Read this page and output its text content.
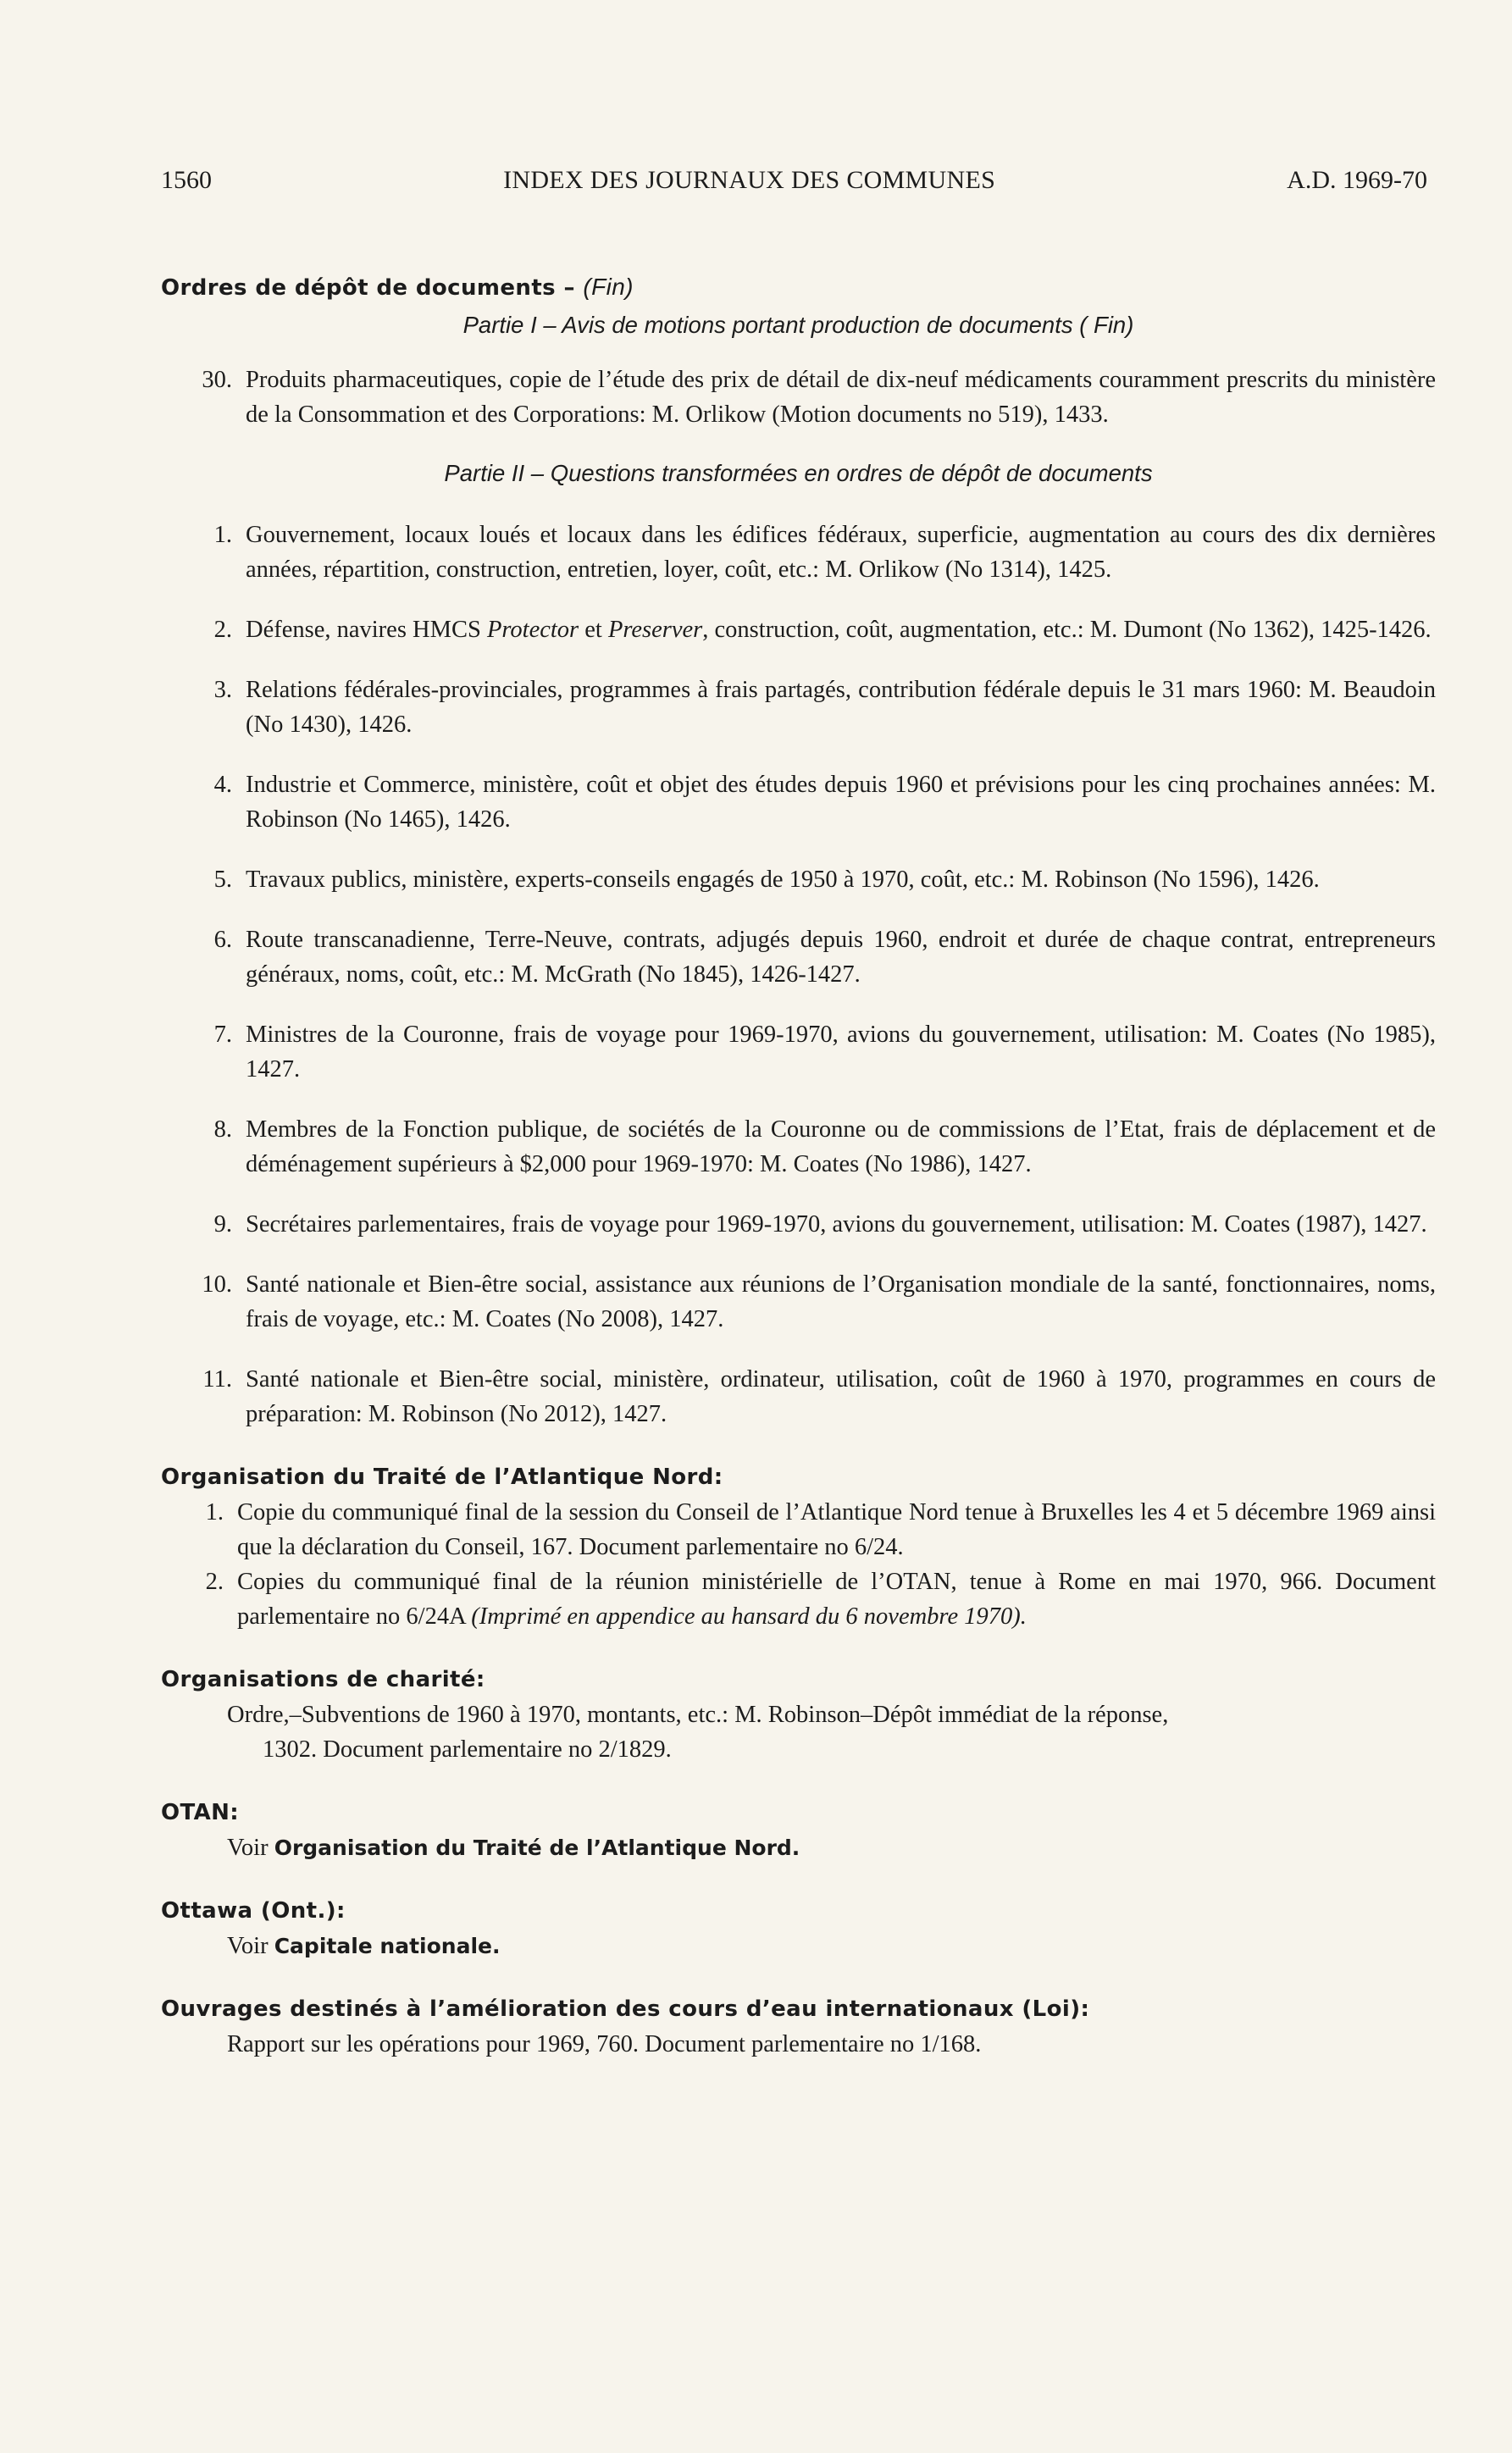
1560	INDEX DES JOURNAUX DES COMMUNES	A.D. 1969-70

Ordres de dépôt de documents – (Fin)

Partie I – Avis de motions portant production de documents ( Fin)

30. Produits pharmaceutiques, copie de l’étude des prix de détail de dix-neuf médicaments couramment prescrits du ministère de la Consommation et des Corporations: M. Orlikow (Motion documents no 519), 1433.

Partie II – Questions transformées en ordres de dépôt de documents

1. Gouvernement, locaux loués et locaux dans les édifices fédéraux, superficie, augmentation au cours des dix dernières années, répartition, construction, entretien, loyer, coût, etc.: M. Orlikow (No 1314), 1425.
2. Défense, navires HMCS Protector et Preserver, construction, coût, augmentation, etc.: M. Dumont (No 1362), 1425-1426.
3. Relations fédérales-provinciales, programmes à frais partagés, contribution fédérale depuis le 31 mars 1960: M. Beaudoin (No 1430), 1426.
4. Industrie et Commerce, ministère, coût et objet des études depuis 1960 et prévisions pour les cinq prochaines années: M. Robinson (No 1465), 1426.
5. Travaux publics, ministère, experts-conseils engagés de 1950 à 1970, coût, etc.: M. Robinson (No 1596), 1426.
6. Route transcanadienne, Terre-Neuve, contrats, adjugés depuis 1960, endroit et durée de chaque contrat, entrepreneurs généraux, noms, coût, etc.: M. McGrath (No 1845), 1426-1427.
7. Ministres de la Couronne, frais de voyage pour 1969-1970, avions du gouvernement, utilisation: M. Coates (No 1985), 1427.
8. Membres de la Fonction publique, de sociétés de la Couronne ou de commissions de l’Etat, frais de déplacement et de déménagement supérieurs à $2,000 pour 1969-1970: M. Coates (No 1986), 1427.
9. Secrétaires parlementaires, frais de voyage pour 1969-1970, avions du gouvernement, utilisation: M. Coates (1987), 1427.
10. Santé nationale et Bien-être social, assistance aux réunions de l’Organisation mondiale de la santé, fonctionnaires, noms, frais de voyage, etc.: M. Coates (No 2008), 1427.
11. Santé nationale et Bien-être social, ministère, ordinateur, utilisation, coût de 1960 à 1970, programmes en cours de préparation: M. Robinson (No 2012), 1427.

Organisation du Traité de l’Atlantique Nord:

1. Copie du communiqué final de la session du Conseil de l’Atlantique Nord tenue à Bruxelles les 4 et 5 décembre 1969 ainsi que la déclaration du Conseil, 167. Document parlementaire no 6/24.
2. Copies du communiqué final de la réunion ministérielle de l’OTAN, tenue à Rome en mai 1970, 966. Document parlementaire no 6/24A (Imprimé en appendice au hansard du 6 novembre 1970).

Organisations de charité:

Ordre,–Subventions de 1960 à 1970, montants, etc.: M. Robinson–Dépôt immédiat de la réponse,

1302. Document parlementaire no 2/1829.

OTAN:

Voir Organisation du Traité de l’Atlantique Nord.

Ottawa (Ont.):

Voir Capitale nationale.

Ouvrages destinés à l’amélioration des cours d’eau internationaux (Loi):

Rapport sur les opérations pour 1969, 760. Document parlementaire no 1/168.
